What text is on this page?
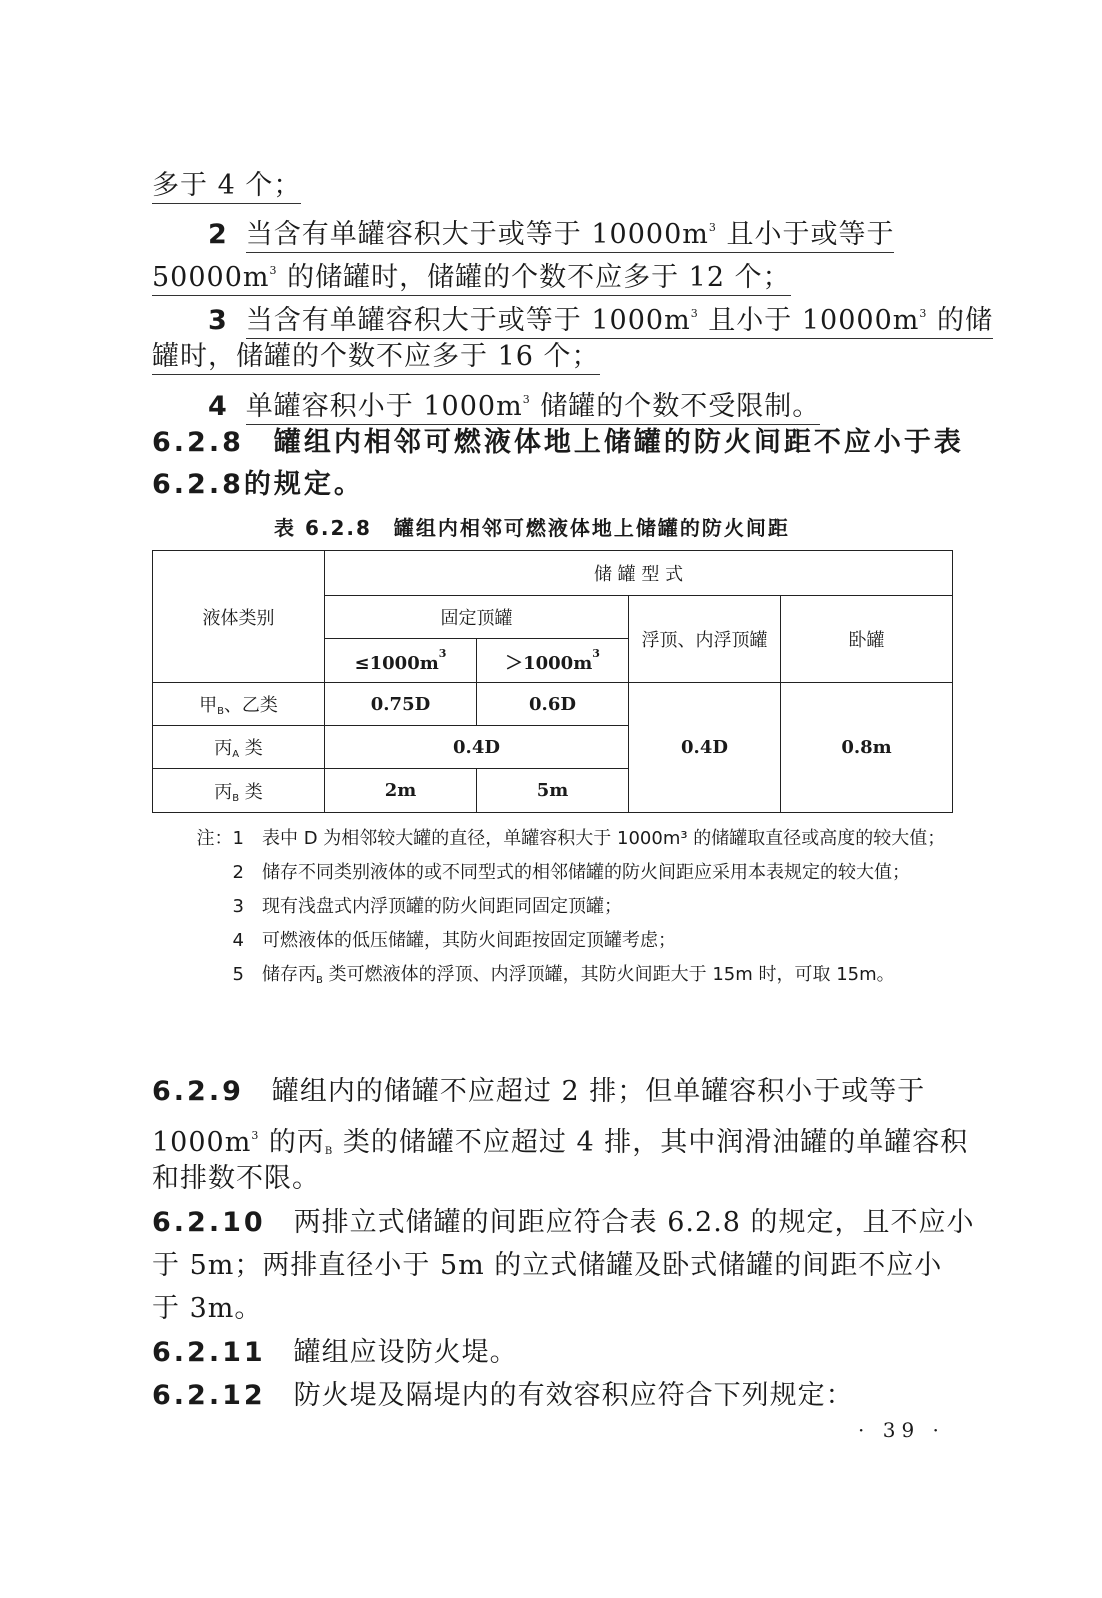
多于 4 个；
2 当含有单罐容积大于或等于 $10000m^3$ 且小于或等于
$50000m^3$ 的储罐时，储罐的个数不应多于 12 个；
3 当含有单罐容积大于或等于 $1000m^3$ 且小于 $10000m^3$ 的储
罐时，储罐的个数不应多于 16 个；
4 单罐容积小于 $1000m^3$ 储罐的个数不受限制。
6.2.8　罐组内相邻可燃液体地上储罐的防火间距不应小于表
6.2.8的规定。
表 6.2.8　罐组内相邻可燃液体地上储罐的防火间距
液体类别	储 罐 型 式			
	固定顶罐		浮顶、内浮顶罐	卧罐
	$\le 1000m^3$	$>1000m^3$
甲$_B$、乙类	0.75D	0.6D	0.4D	0.8m
丙$_A$ 类	0.4D			
丙$_B$ 类	2m	5m		
注：1 表中 D 为相邻较大罐的直径，单罐容积大于 1000m³ 的储罐取直径或高度的较大值；
2 储存不同类别液体的或不同型式的相邻储罐的防火间距应采用本表规定的较大值；
3 现有浅盘式内浮顶罐的防火间距同固定顶罐；
4 可燃液体的低压储罐，其防火间距按固定顶罐考虑；
5 储存丙$_B$ 类可燃液体的浮顶、内浮顶罐，其防火间距大于 15m 时，可取 15m。
6.2.9　 罐组内的储罐不应超过 2 排；但单罐容积小于或等于
$1000m^3$ 的丙$_B$ 类的储罐不应超过 4 排，其中润滑油罐的单罐容积
和排数不限。
6.2.10　 两排立式储罐的间距应符合表 6.2.8 的规定，且不应小
于 5m；两排直径小于 5m 的立式储罐及卧式储罐的间距不应小
于 3m。
6.2.11　 罐组应设防火堤。
6.2.12　 防火堤及隔堤内的有效容积应符合下列规定：
· 39 ·
